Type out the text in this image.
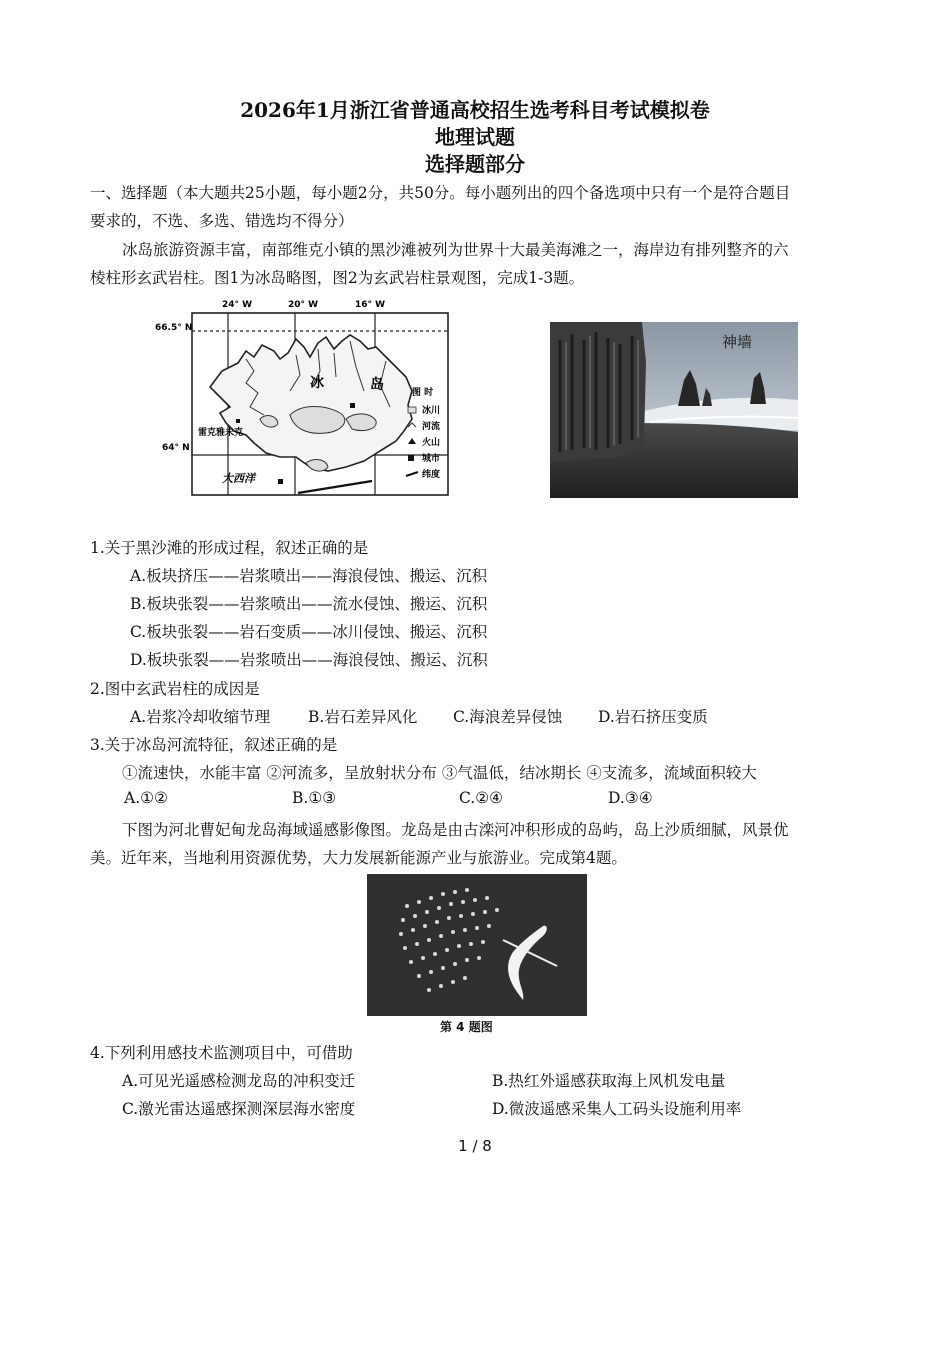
2026年1月浙江省普通高校招生选考科目考试模拟卷
地理试题
选择题部分
一、选择题（本大题共25小题，每小题2分，共50分。每小题列出的四个备选项中只有一个是符合题目
要求的，不选、多选、错选均不得分）
冰岛旅游资源丰富，南部维克小镇的黑沙滩被列为世界十大最美海滩之一，海岸边有排列整齐的六
棱柱形玄武岩柱。图1为冰岛略图，图2为玄武岩柱景观图，完成1-3题。
24° W	20° W	16° W
66.5° N
64° N
冰	岛
雷克雅未克
大西洋
图 时
冰川
河流
火山
城市
纬度
神墙
1.关于黑沙滩的形成过程，叙述正确的是
A.板块挤压——岩浆喷出——海浪侵蚀、搬运、沉积
B.板块张裂——岩浆喷出——流水侵蚀、搬运、沉积
C.板块张裂——岩石变质——冰川侵蚀、搬运、沉积
D.板块张裂——岩浆喷出——海浪侵蚀、搬运、沉积
2.图中玄武岩柱的成因是
A.岩浆冷却收缩节理 B.岩石差异风化 C.海浪差异侵蚀 D.岩石挤压变质
3.关于冰岛河流特征，叙述正确的是
①流速快，水能丰富 ②河流多，呈放射状分布 ③气温低，结冰期长 ④支流多，流域面积较大
A.①②	B.①③	C.②④	D.③④
下图为河北曹妃甸龙岛海域遥感影像图。龙岛是由古滦河冲积形成的岛屿，岛上沙质细腻，风景优
美。近年来，当地利用资源优势，大力发展新能源产业与旅游业。完成第4题。
第 4 题图
4.下列利用感技术监测项目中，可借助
A.可见光遥感检测龙岛的冲积变迁	B.热红外遥感获取海上风机发电量
C.激光雷达遥感探测深层海水密度	D.微波遥感采集人工码头设施利用率
1 / 8
